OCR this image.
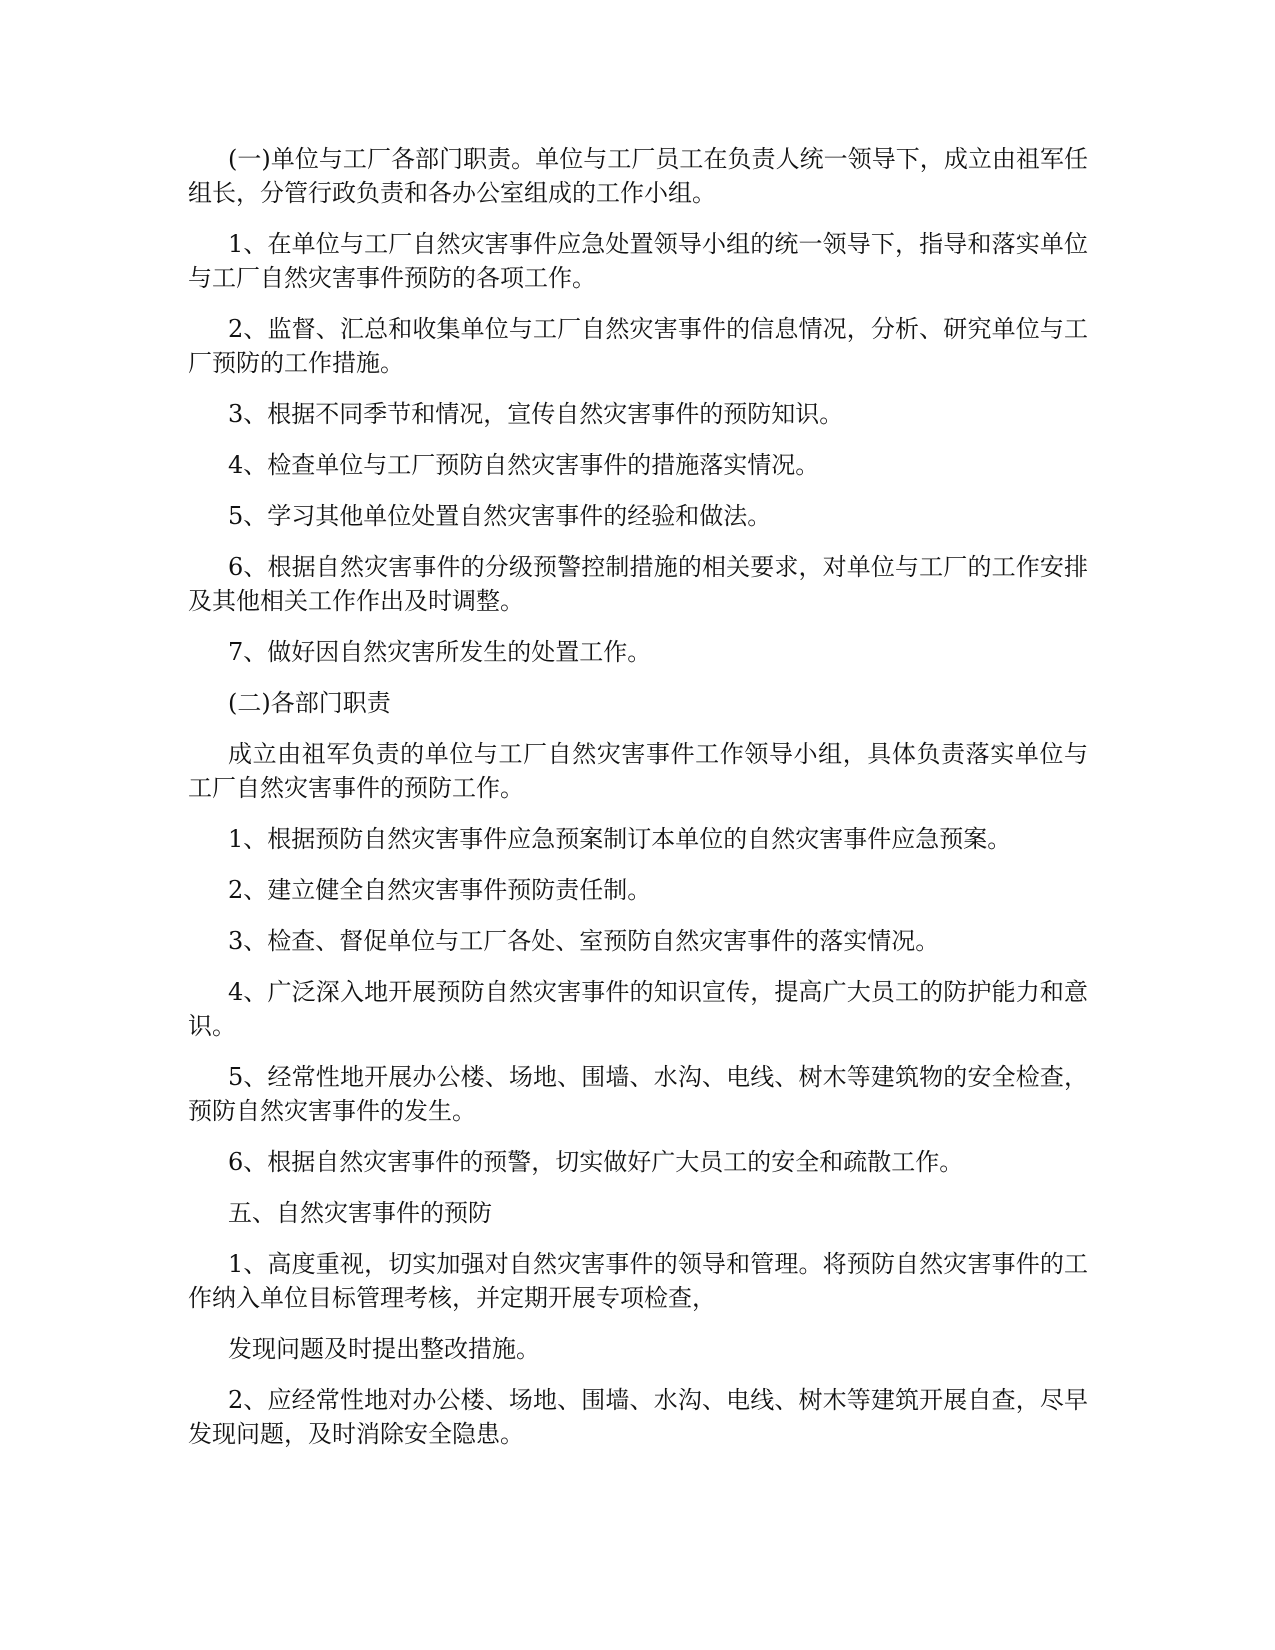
(一)单位与工厂各部门职责。单位与工厂员工在负责人统一领导下，成立由祖军任组长，分管行政负责和各办公室组成的工作小组。

1、在单位与工厂自然灾害事件应急处置领导小组的统一领导下，指导和落实单位与工厂自然灾害事件预防的各项工作。

2、监督、汇总和收集单位与工厂自然灾害事件的信息情况，分析、研究单位与工厂预防的工作措施。

3、根据不同季节和情况，宣传自然灾害事件的预防知识。

4、检查单位与工厂预防自然灾害事件的措施落实情况。

5、学习其他单位处置自然灾害事件的经验和做法。

6、根据自然灾害事件的分级预警控制措施的相关要求，对单位与工厂的工作安排及其他相关工作作出及时调整。

7、做好因自然灾害所发生的处置工作。

(二)各部门职责

成立由祖军负责的单位与工厂自然灾害事件工作领导小组，具体负责落实单位与工厂自然灾害事件的预防工作。

1、根据预防自然灾害事件应急预案制订本单位的自然灾害事件应急预案。

2、建立健全自然灾害事件预防责任制。

3、检查、督促单位与工厂各处、室预防自然灾害事件的落实情况。

4、广泛深入地开展预防自然灾害事件的知识宣传，提高广大员工的防护能力和意识。

5、经常性地开展办公楼、场地、围墙、水沟、电线、树木等建筑物的安全检查，预防自然灾害事件的发生。

6、根据自然灾害事件的预警，切实做好广大员工的安全和疏散工作。

五、自然灾害事件的预防

1、高度重视，切实加强对自然灾害事件的领导和管理。将预防自然灾害事件的工作纳入单位目标管理考核，并定期开展专项检查，

发现问题及时提出整改措施。

2、应经常性地对办公楼、场地、围墙、水沟、电线、树木等建筑开展自查，尽早发现问题，及时消除安全隐患。
